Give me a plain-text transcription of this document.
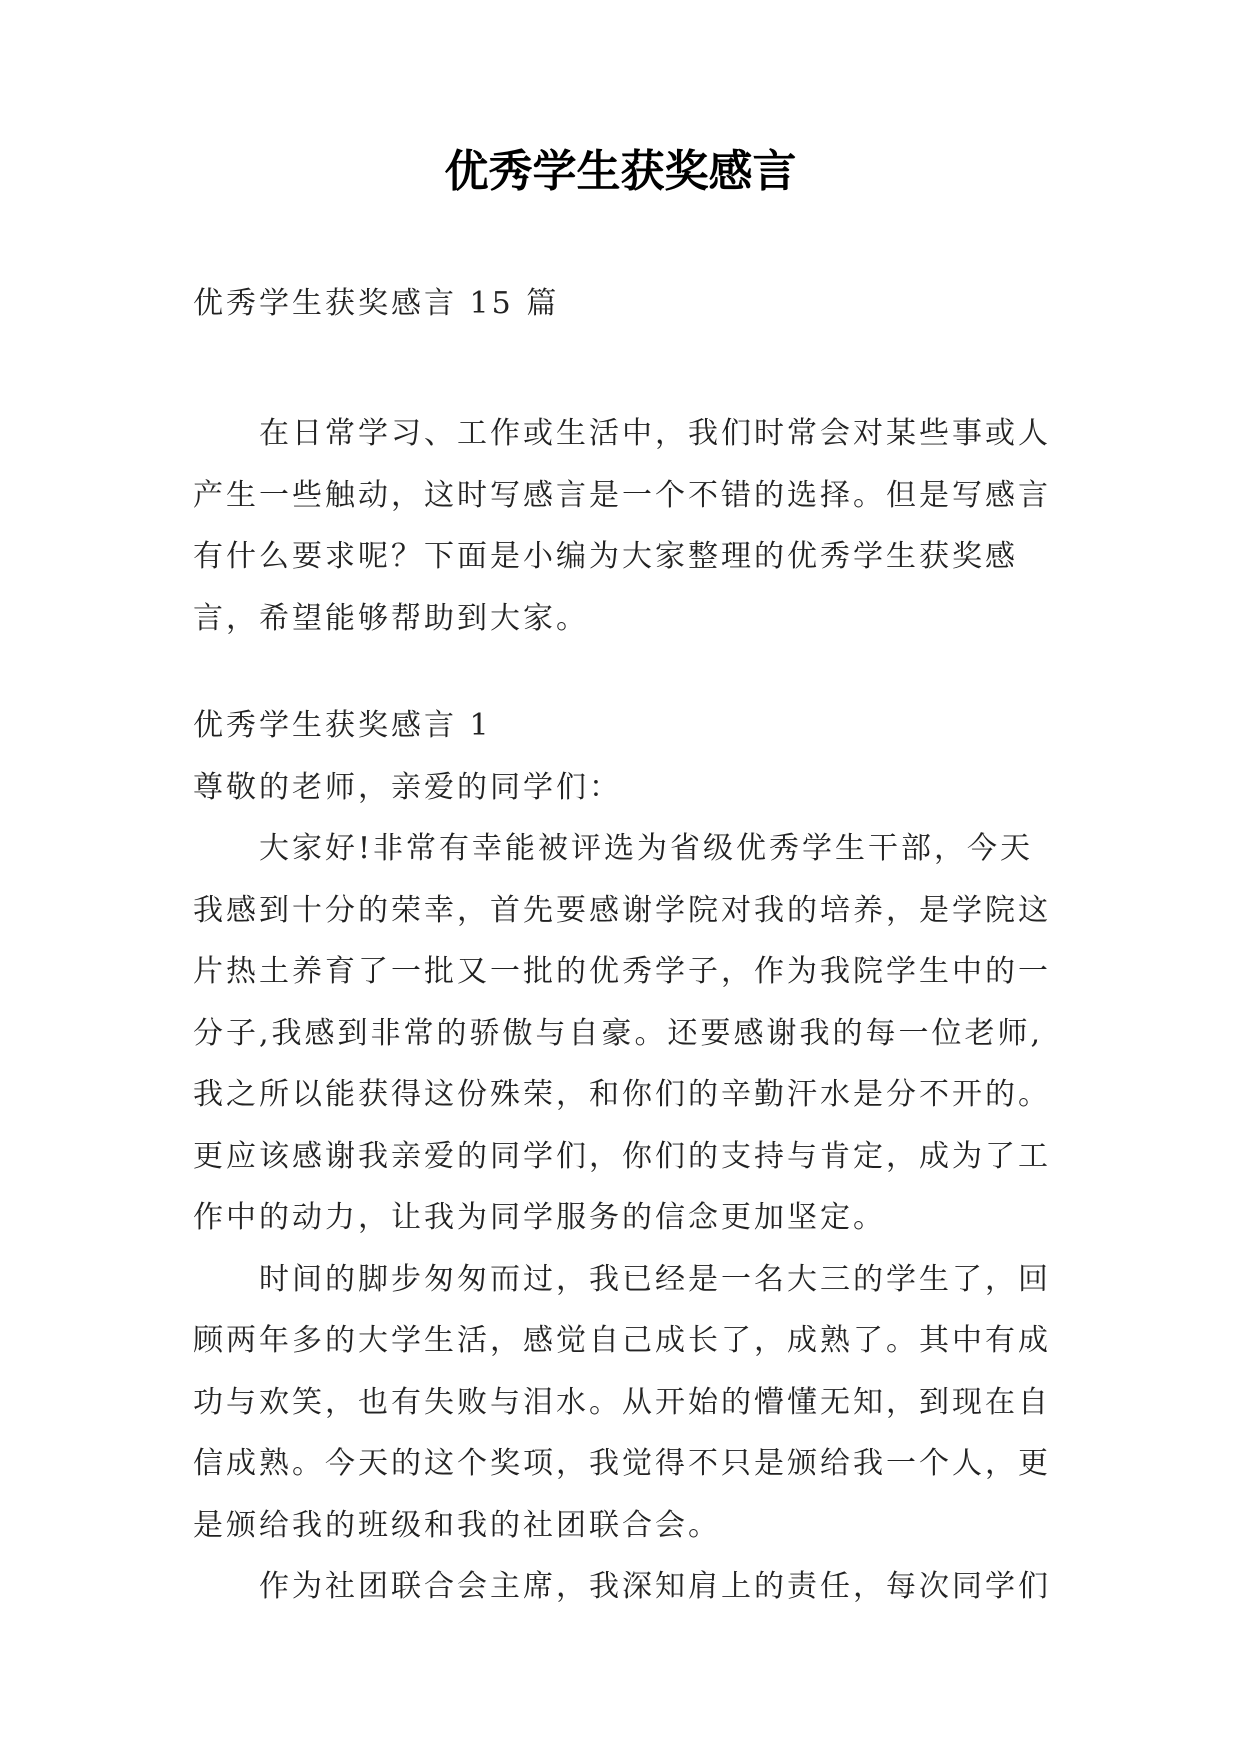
优秀学生获奖感言

优秀学生获奖感言 15 篇

在日常学习、工作或生活中，我们时常会对某些事或人
产生一些触动，这时写感言是一个不错的选择。但是写感言
有什么要求呢？下面是小编为大家整理的优秀学生获奖感
言，希望能够帮助到大家。
优秀学生获奖感言 1
尊敬的老师，亲爱的同学们：
大家好!非常有幸能被评选为省级优秀学生干部，今天
我感到十分的荣幸，首先要感谢学院对我的培养，是学院这
片热土养育了一批又一批的优秀学子，作为我院学生中的一
分子,我感到非常的骄傲与自豪。还要感谢我的每一位老师,
我之所以能获得这份殊荣，和你们的辛勤汗水是分不开的。
更应该感谢我亲爱的同学们，你们的支持与肯定，成为了工
作中的动力，让我为同学服务的信念更加坚定。
时间的脚步匆匆而过，我已经是一名大三的学生了，回
顾两年多的大学生活，感觉自己成长了，成熟了。其中有成
功与欢笑，也有失败与泪水。从开始的懵懂无知，到现在自
信成熟。今天的这个奖项，我觉得不只是颁给我一个人，更
是颁给我的班级和我的社团联合会。
作为社团联合会主席，我深知肩上的责任，每次同学们
